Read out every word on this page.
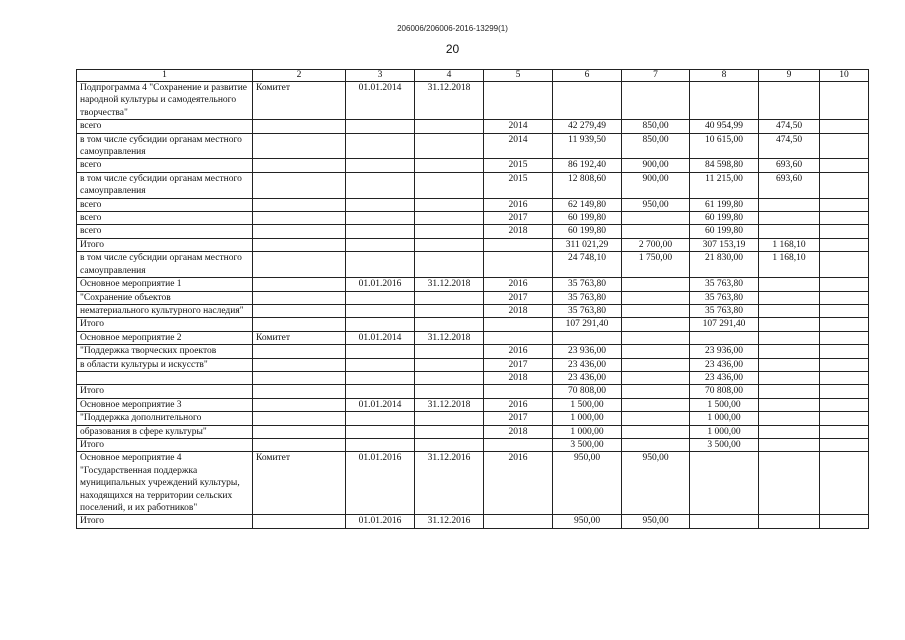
206006/206006-2016-13299(1)
20
1	2	3	4	5	6	7	8	9	10
Подпрограмма 4 "Сохранение и развитие народной культуры и самодеятельного творчества"	Комитет	01.01.2014	31.12.2018						
всего				2014	42 279,49	850,00	40 954,99	474,50	
в том числе субсидии органам местного самоуправления				2014	11 939,50	850,00	10 615,00	474,50	
всего				2015	86 192,40	900,00	84 598,80	693,60	
в том числе субсидии органам местного самоуправления				2015	12 808,60	900,00	11 215,00	693,60	
всего				2016	62 149,80	950,00	61 199,80		
всего				2017	60 199,80		60 199,80		
всего				2018	60 199,80		60 199,80		
Итого					311 021,29	2 700,00	307 153,19	1 168,10	
в том числе субсидии органам местного самоуправления					24 748,10	1 750,00	21 830,00	1 168,10	
Основное мероприятие 1		01.01.2016	31.12.2018	2016	35 763,80		35 763,80		
"Сохранение объектов				2017	35 763,80		35 763,80		
нематериального культурного наследия"				2018	35 763,80		35 763,80		
Итого					107 291,40		107 291,40		
Основное мероприятие 2	Комитет	01.01.2014	31.12.2018						
"Поддержка творческих проектов				2016	23 936,00		23 936,00		
в области культуры и искусств"				2017	23 436,00		23 436,00		
				2018	23 436,00		23 436,00		
Итого					70 808,00		70 808,00		
Основное мероприятие 3		01.01.2014	31.12.2018	2016	1 500,00		1 500,00		
"Поддержка дополнительного				2017	1 000,00		1 000,00		
образования в сфере культуры"				2018	1 000,00		1 000,00		
Итого					3 500,00		3 500,00		
Основное мероприятие 4 "Государственная поддержка муниципальных учреждений культуры, находящихся на территории сельских поселений, и их работников"	Комитет	01.01.2016	31.12.2016	2016	950,00	950,00			
Итого		01.01.2016	31.12.2016		950,00	950,00			
